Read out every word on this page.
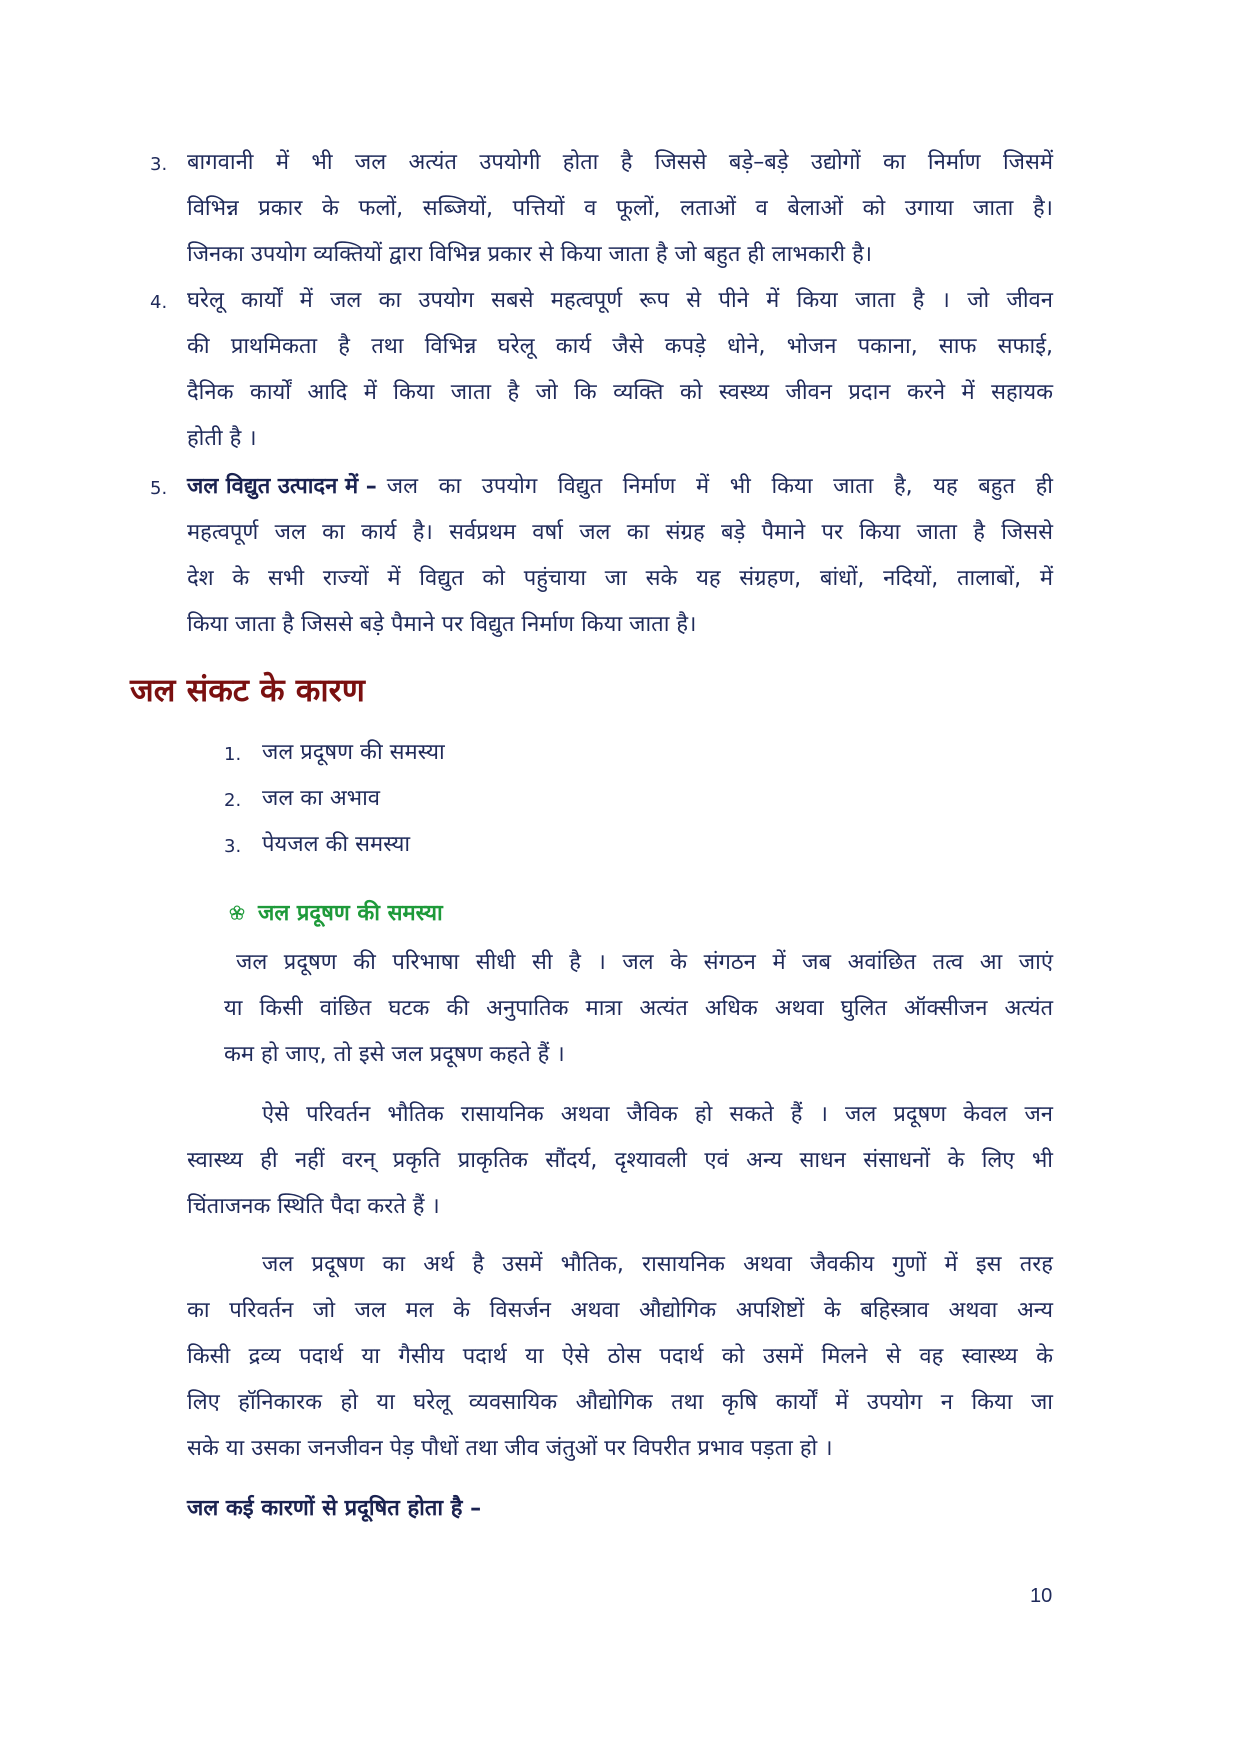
3. बागवानी में भी जल अत्यंत उपयोगी होता है जिससे बड़े–बड़े उद्योगों का निर्माण जिसमें
विभिन्न प्रकार के फलों, सब्जियों, पत्तियों व फूलों, लताओं व बेलाओं को उगाया जाता है।
जिनका उपयोग व्यक्तियों द्वारा विभिन्न प्रकार से किया जाता है जो बहुत ही लाभकारी है।
4. घरेलू कार्यों में जल का उपयोग सबसे महत्वपूर्ण रूप से पीने में किया जाता है । जो जीवन
की प्राथमिकता है तथा विभिन्न घरेलू कार्य जैसे कपड़े धोने, भोजन पकाना, साफ सफाई,
दैनिक कार्यों आदि में किया जाता है जो कि व्यक्ति को स्वस्थ्य जीवन प्रदान करने में सहायक
होती है ।
5. जल विद्युत उत्पादन में – जल का उपयोग विद्युत निर्माण में भी किया जाता है, यह बहुत ही
महत्वपूर्ण जल का कार्य है। सर्वप्रथम वर्षा जल का संग्रह बड़े पैमाने पर किया जाता है जिससे
देश के सभी राज्यों में विद्युत को पहुंचाया जा सके यह संग्रहण, बांधों, नदियों, तालाबों, में
किया जाता है जिससे बड़े पैमाने पर विद्युत निर्माण किया जाता है।
जल संकट के कारण
1. जल प्रदूषण की समस्या
2. जल का अभाव
3. पेयजल की समस्या
जल प्रदूषण की समस्या
जल प्रदूषण की परिभाषा सीधी सी है । जल के संगठन में जब अवांछित तत्व आ जाएं
या किसी वांछित घटक की अनुपातिक मात्रा अत्यंत अधिक अथवा घुलित ऑक्सीजन अत्यंत
कम हो जाए, तो इसे जल प्रदूषण कहते हैं ।
ऐसे परिवर्तन भौतिक रासायनिक अथवा जैविक हो सकते हैं । जल प्रदूषण केवल जन
स्वास्थ्य ही नहीं वरन् प्रकृति प्राकृतिक सौंदर्य, दृश्यावली एवं अन्य साधन संसाधनों के लिए भी
चिंताजनक स्थिति पैदा करते हैं ।
जल प्रदूषण का अर्थ है उसमें भौतिक, रासायनिक अथवा जैवकीय गुणों में इस तरह
का परिवर्तन जो जल मल के विसर्जन अथवा औद्योगिक अपशिष्टों के बहिस्त्राव अथवा अन्य
किसी द्रव्य पदार्थ या गैसीय पदार्थ या ऐसे ठोस पदार्थ को उसमें मिलने से वह स्वास्थ्य के
लिए हॉनिकारक हो या घरेलू व्यवसायिक औद्योगिक तथा कृषि कार्यों में उपयोग न किया जा
सके या उसका जनजीवन पेड़ पौधों तथा जीव जंतुओं पर विपरीत प्रभाव पड़ता हो ।
जल कई कारणों से प्रदूषित होता है –
10
